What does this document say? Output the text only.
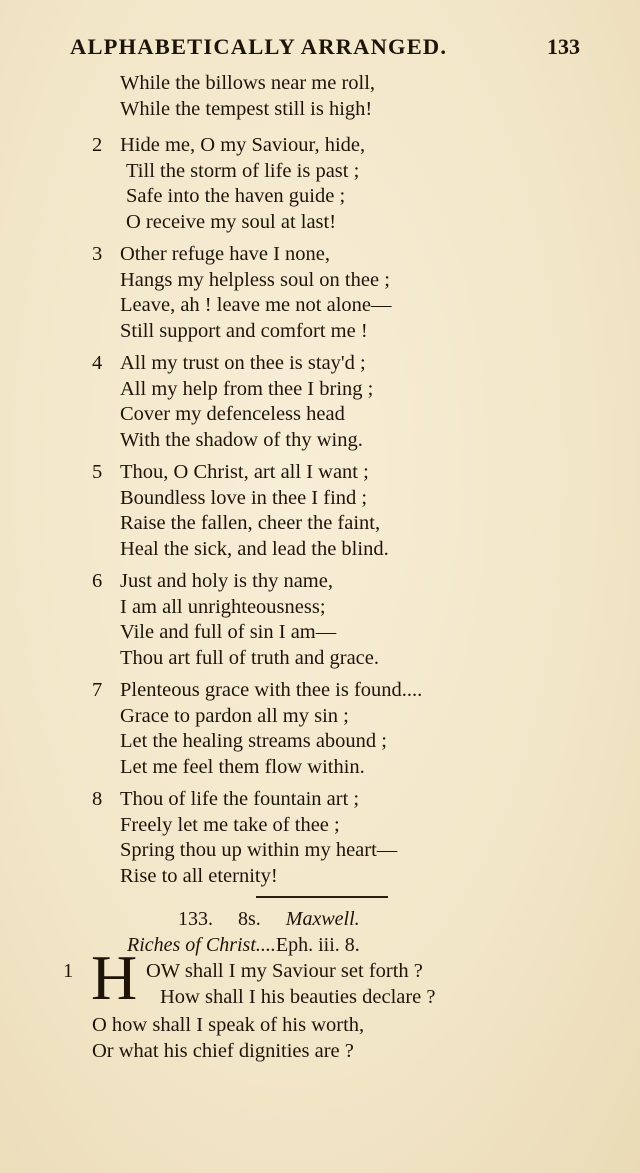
ALPHABETICALLY ARRANGED.	133
While the billows near me roll,
While the tempest still is high!
2 Hide me, O my Saviour, hide,
Till the storm of life is past ;
Safe into the haven guide ;
O receive my soul at last!
3 Other refuge have I none,
Hangs my helpless soul on thee ;
Leave, ah ! leave me not alone—
Still support and comfort me !
4 All my trust on thee is stay'd ;
All my help from thee I bring ;
Cover my defenceless head
With the shadow of thy wing.
5 Thou, O Christ, art all I want ;
Boundless love in thee I find ;
Raise the fallen, cheer the faint,
Heal the sick, and lead the blind.
6 Just and holy is thy name,
I am all unrighteousness;
Vile and full of sin I am—
Thou art full of truth and grace.
7 Plenteous grace with thee is found....
Grace to pardon all my sin ;
Let the healing streams abound ;
Let me feel them flow within.
8 Thou of life the fountain art ;
Freely let me take of thee ;
Spring thou up within my heart—
Rise to all eternity!
133. 8s. Maxwell.
Riches of Christ....Eph. iii. 8.
1 H OW shall I my Saviour set forth ?
How shall I his beauties declare ?
O how shall I speak of his worth,
Or what his chief dignities are ?
